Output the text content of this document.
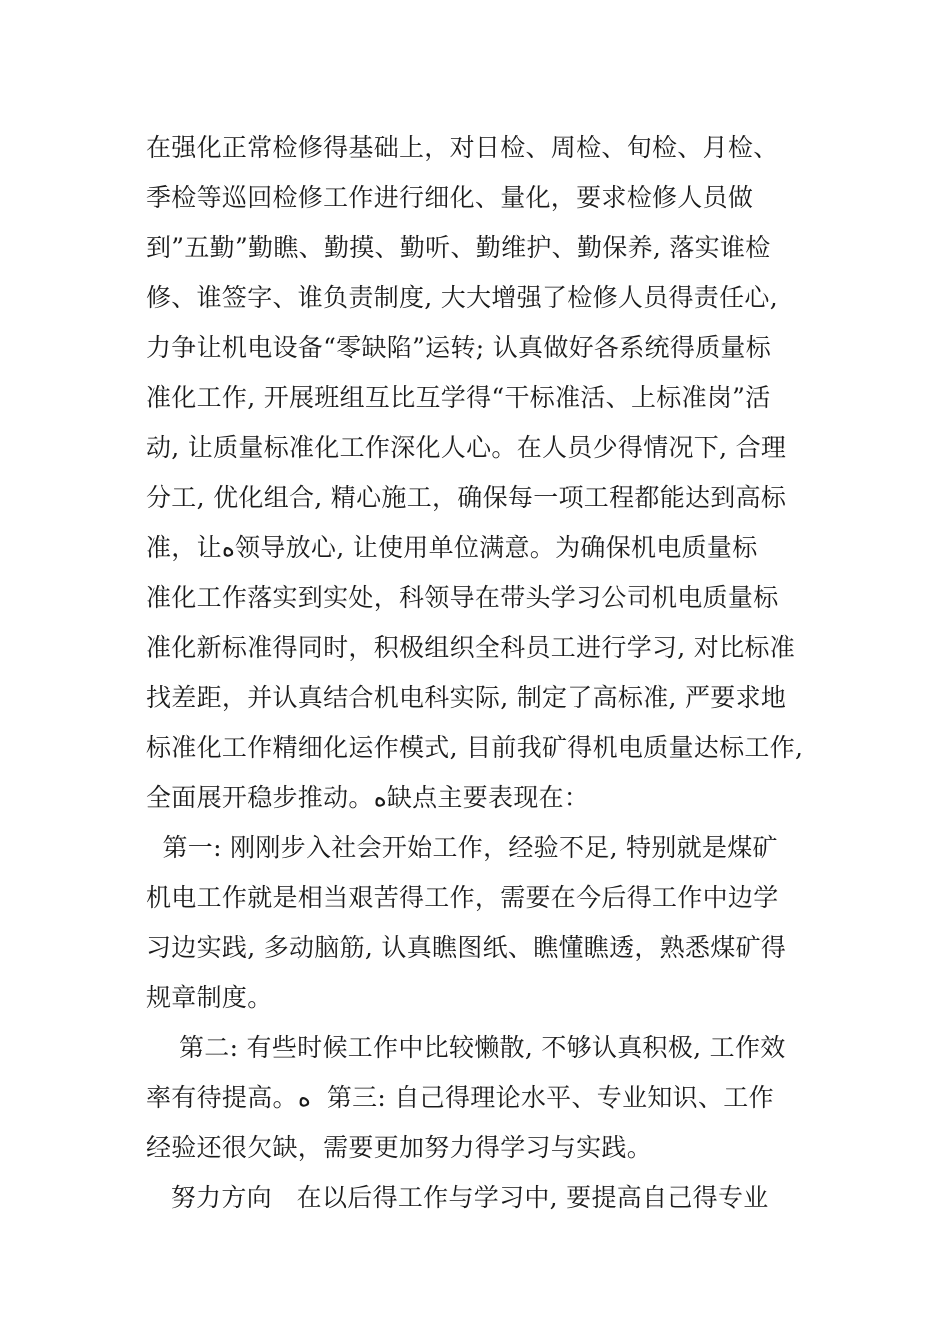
在强化正常检修得基础上，对日检、周检、旬检、月检、
季检等巡回检修工作进行细化、量化，要求检修人员做
到”五勤”勤瞧、勤摸、勤听、勤维护、勤保养, 落实谁检
修、谁签字、谁负责制度, 大大增强了检修人员得责任心,
力争让机电设备“零缺陷”运转; 认真做好各系统得质量标
准化工作, 开展班组互比互学得“干标准活、上标准岗”活
动, 让质量标准化工作深化人心。在人员少得情况下, 合理
分工, 优化组合, 精心施工，确保每一项工程都能达到高标
准，让ﻩ领导放心, 让使用单位满意。为确保机电质量标
准化工作落实到实处，科领导在带头学习公司机电质量标
准化新标准得同时，积极组织全科员工进行学习, 对比标准
找差距，并认真结合机电科实际, 制定了高标准, 严要求地
标准化工作精细化运作模式, 目前我矿得机电质量达标工作,
全面展开稳步推动。ﻩ缺点主要表现在：
第一: 刚刚步入社会开始工作，经验不足, 特别就是煤矿
机电工作就是相当艰苦得工作，需要在今后得工作中边学
习边实践, 多动脑筋, 认真瞧图纸、瞧懂瞧透，熟悉煤矿得
规章制度。
第二: 有些时候工作中比较懒散, 不够认真积极, 工作效
率有待提高。ﻩ  第三: 自己得理论水平、专业知识、工作
经验还很欠缺，需要更加努力得学习与实践。
努力方向   在以后得工作与学习中, 要提高自己得专业
